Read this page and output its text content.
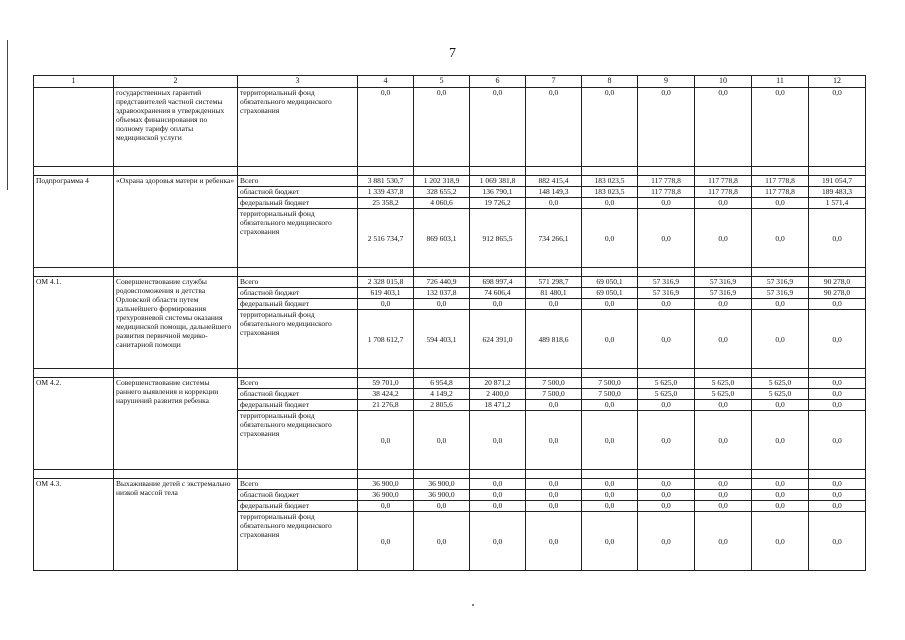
7
1	2	3	4	5	6	7	8	9	10	11	12
	государственных гарантий представителей частной системы здравоохранения в утвержденных объемах финансирования по полному тарифу оплаты медицинской услуги	территориальный фонд обязательного медицинского страхования	0,0	0,0	0,0	0,0	0,0	0,0	0,0	0,0	0,0

Подпрограмма 4	«Охрана здоровья матери и ребенка»	Всего	3 881 530,7	1 202 318,9	1 069 381,8	882 415,4	183 023,5	117 778,8	117 778,8	117 778,8	191 054,7
		областной бюджет	1 339 437,8	328 655,2	136 790,1	148 149,3	183 023,5	117 778,8	117 778,8	117 778,8	189 483,3
		федеральный бюджет	25 358,2	4 060,6	19 726,2	0,0	0,0	0,0	0,0	0,0	1 571,4
		территориальный фонд обязательного медицинского страхования	2 516 734,7	869 603,1	912 865,5	734 266,1	0,0	0,0	0,0	0,0	0,0

ОМ 4.1.	Совершенствование службы родовспоможения и детства Орловской области путем дальнейшего формирования трехуровневой системы оказания медицинской помощи, дальнейшего развития первичной медико-санитарной помощи	Всего	2 328 015,8	726 440,9	698 997,4	571 298,7	69 050,1	57 316,9	57 316,9	57 316,9	90 278,0
		областной бюджет	619 403,1	132 037,8	74 606,4	81 480,1	69 050,1	57 316,9	57 316,9	57 316,9	90 278,0
		федеральный бюджет	0,0	0,0	0,0	0,0	0,0	0,0	0,0	0,0	0,0
		территориальный фонд обязательного медицинского страхования	1 708 612,7	594 403,1	624 391,0	489 818,6	0,0	0,0	0,0	0,0	0,0

ОМ 4.2.	Совершенствование системы раннего выявления и коррекции нарушений развития ребенка	Всего	59 701,0	6 954,8	20 871,2	7 500,0	7 500,0	5 625,0	5 625,0	5 625,0	0,0
		областной бюджет	38 424,2	4 149,2	2 400,0	7 500,0	7 500,0	5 625,0	5 625,0	5 625,0	0,0
		федеральный бюджет	21 276,8	2 805,6	18 471,2	0,0	0,0	0,0	0,0	0,0	0,0
		территориальный фонд обязательного медицинского страхования	0,0	0,0	0,0	0,0	0,0	0,0	0,0	0,0	0,0

ОМ 4.3.	Выхаживание детей с экстремально низкой массой тела	Всего	36 900,0	36 900,0	0,0	0,0	0,0	0,0	0,0	0,0	0,0
		областной бюджет	36 900,0	36 900,0	0,0	0,0	0,0	0,0	0,0	0,0	0,0
		федеральный бюджет	0,0	0,0	0,0	0,0	0,0	0,0	0,0	0,0	0,0
		территориальный фонд обязательного медицинского страхования	0,0	0,0	0,0	0,0	0,0	0,0	0,0	0,0	0,0
